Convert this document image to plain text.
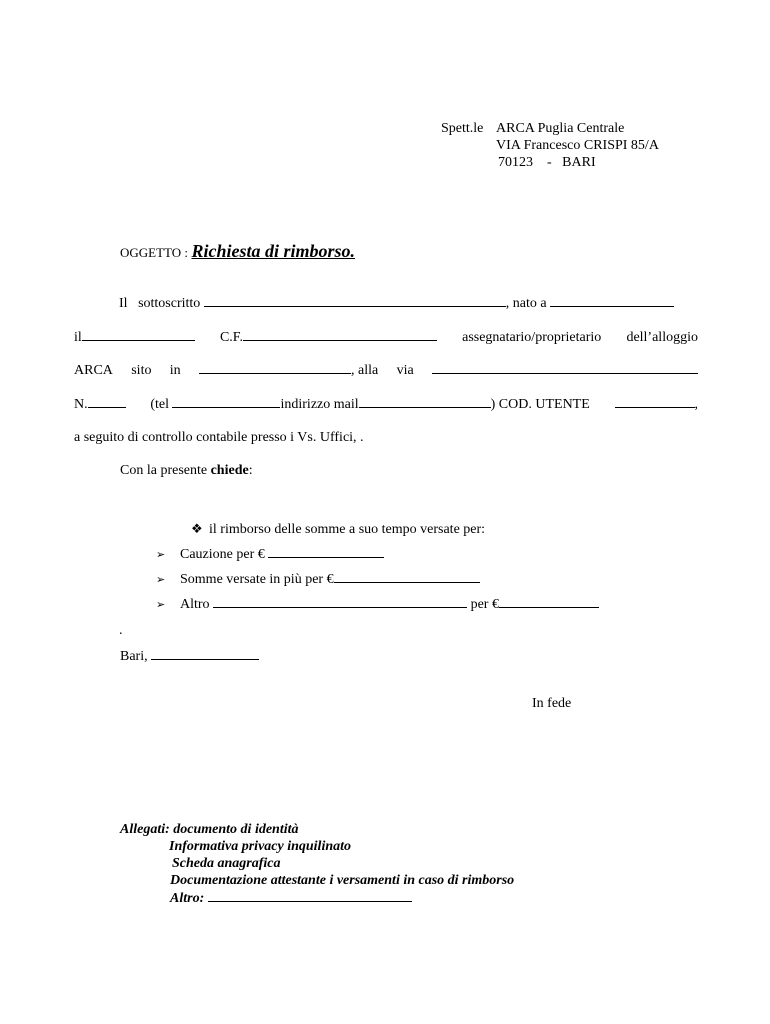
Spett.le ARCA Puglia Centrale
VIA Francesco CRISPI 85/A
70123 - BARI
OGGETTO : Richiesta di rimborso.
Il sottoscritto	, nato a
il	C.F.	assegnatario/proprietario dell’alloggio
ARCA sito in	, alla via
N.	(tel	indirizzo mail	) COD. UTENTE	,
a seguito di controllo contabile presso i Vs. Uffici, .
Con la presente chiede:
❖ il rimborso delle somme a suo tempo versate per:
➢ Cauzione per €
➢ Somme versate in più per €
➢ Altro	per €
.
Bari,
In fede
Allegati: documento di identità
Informativa privacy inquilinato
Scheda anagrafica
Documentazione attestante i versamenti in caso di rimborso
Altro:
